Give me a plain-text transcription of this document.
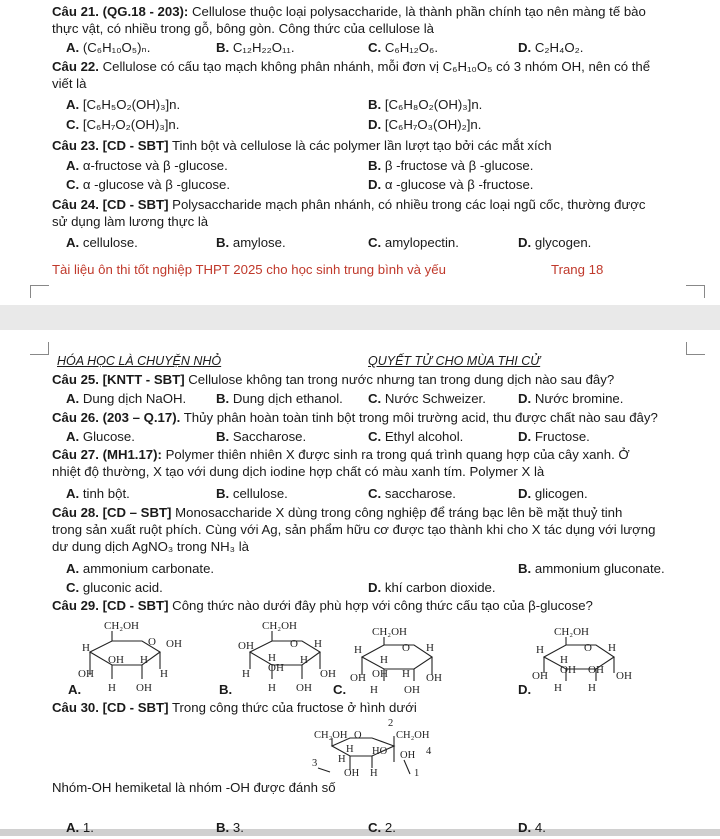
Câu 21. (QG.18 - 203): Cellulose thuộc loại polysaccharide, là thành phần chính tạo nên màng tế bào
thực vật, có nhiều trong gỗ, bông gòn. Công thức của cellulose là
A. (C₆H₁₀O₅)ₙ.	B. C₁₂H₂₂O₁₁.	C. C₆H₁₂O₆.	D. C₂H₄O₂.
Câu 22. Cellulose có cấu tạo mạch không phân nhánh, mỗi đơn vị C₆H₁₀O₅ có 3 nhóm OH, nên có thể
viết là
A. [C₆H₅O₂(OH)₃]n.	B. [C₆H₈O₂(OH)₃]n.
C. [C₆H₇O₂(OH)₃]n.	D. [C₆H₇O₃(OH)₂]n.
Câu 23. [CD - SBT] Tinh bột và cellulose là các polymer lần lượt tạo bởi các mắt xích
A. α-fructose và β -glucose.	B. β -fructose và β -glucose.
C. α -glucose và β -glucose.	D. α -glucose và β -fructose.
Câu 24. [CD - SBT] Polysaccharide mạch phân nhánh, có nhiều trong các loại ngũ cốc, thường được
sử dụng làm lương thực là
A. cellulose.	B. amylose.	C. amylopectin.	D. glycogen.
Tài liệu ôn thi tốt nghiệp THPT 2025 cho học sinh trung bình và yếu	Trang 18
HÓA HỌC LÀ CHUYỆN NHỎ	QUYẾT TỬ CHO MÙA THI CỬ
Câu 25. [KNTT - SBT] Cellulose không tan trong nước nhưng tan trong dung dịch nào sau đây?
A. Dung dịch NaOH. B. Dung dịch ethanol. C. Nước Schweizer. D. Nước bromine.
Câu 26. (203 – Q.17). Thủy phân hoàn toàn tinh bột trong môi trường acid, thu được chất nào sau đây?
A. Glucose.	B. Saccharose.	C. Ethyl alcohol.	D. Fructose.
Câu 27. (MH1.17): Polymer thiên nhiên X được sinh ra trong quá trình quang hợp của cây xanh. Ở
nhiệt độ thường, X tạo với dung dịch iodine hợp chất có màu xanh tím. Polymer X là
A. tinh bột.	B. cellulose.	C. saccharose.	D. glicogen.
Câu 28. [CD – SBT] Monosaccharide X dùng trong công nghiệp để tráng bạc lên bề mặt thuỷ tinh
trong sản xuất ruột phích. Cùng với Ag, sản phẩm hữu cơ được tạo thành khi cho X tác dụng với lượng
dư dung dịch AgNO₃ trong NH₃ là
A. ammonium carbonate.	B. ammonium gluconate.
C. gluconic acid.	D. khí carbon dioxide.
Câu 29. [CD - SBT] Công thức nào dưới đây phù hợp với công thức cấu tạo của β-glucose?
CH₂OH
O OH
H
OH H
OH	H
H OH
CH₂OH
O H
OH
H H
OH
H	OH
H OH
CH₂OH
O H
H
H
OH H
OH	OH
H OH
CH₂OH
O H
H
H
OH OH
OH	OH
H H
A.	B.	C.	D.
Câu 30. [CD - SBT] Trong công thức của fructose ở hình dưới
2
CH₂OH O	CH₂OH
H HO
H	OH 4
3
OH H	1
Nhóm-OH hemiketal là nhóm -OH được đánh số
A. 1.	B. 3.	C. 2.	D. 4.
